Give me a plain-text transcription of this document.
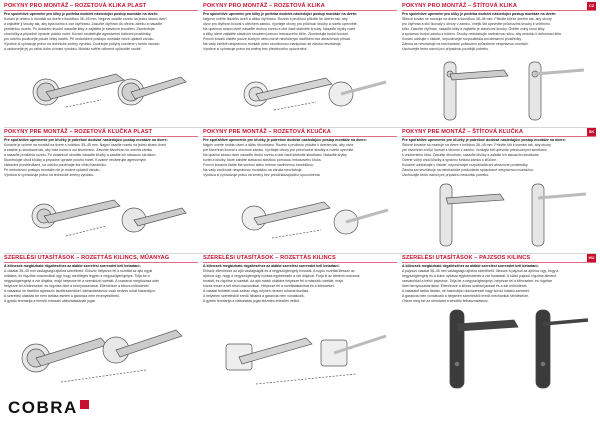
POKYNY PRO MONTÁŽ – ROZETOVÁ KLIKA PLAST
Pro spolehlivé upevnění pro kliky je potřeba dodržet následující postup montáže na dveře:
Kování je určeno k montáži na dveře s tloušťkou 35–45 mm. Nejprve osaďte rozetu na jednu stranu dveří
a zajistěte ji šrouby tak, aby byla kolmo k ose čtyřhranu. Zasuňte čtyřhran do ořechu zámku a nasaďte
protilehlou rozetu. Po dotažení šroubů nasaďte kliky a zajistěte je stavěcím šroubem. Zkontrolujte
chod kliky a případně upravte polohu rozet. Kování neošetřujte agresivními čisticími prostředky,
pro údržbu používejte pouze vlhký hadřík. Při nedodržení postupu montáže nelze uplatnit záruku.
Výrobce si vyhrazuje právo na technické změny výrobku. Dodržujte pokyny uvedené v tomto návodu
a uschovejte jej po celou dobu užívání výrobku. Montáž svěřte odborně způsobilé osobě.
POKYNY PRO MONTÁŽ – ROZETOVÁ KLIKA
Pro spolehlivé upevnění pro kliky je potřeba dodržet následující postup montáže na dveře:
Nejprve ověřte tloušťku dveří a délku čtyřhranu. Rozetu s pružinou přiložte ke dveřím tak, aby
otvor pro čtyřhran lícoval s ořechem zámku. Vyvrtejte otvory pro průchozí šrouby a rozetu upevněte.
Na opačnou stranu dveří nasaďte druhou rozetu a obě části stáhněte šrouby. Nasaďte krytky rozet
a kliky, které zajistěte stavěcím šroubem pomocí imbusového klíče. Zkontrolujte funkci kování.
Povrch kování čistěte pouze suchým nebo mírně navlhčeným hadříkem bez abrazivních přísad.
Na vady vzniklé nesprávnou montáží nebo neodbornou manipulací se záruka nevztahuje.
Výrobce si vyhrazuje právo na změny bez předchozího upozornění.
POKYNY PRO MONTÁŽ – ŠTÍTOVÁ KLIKA	CZ
Pro spolehlivé upevnění pro kliky je potřeba dodržet následující postup montáže na dveře:
Štítové kování se montuje na dveře s tloušťkou 38–45 mm. Přiložte štít ke dveřím tak, aby otvory
pro čtyřhran a klíč lícovaly s otvory v zámku. Vnější štít upevněte průchozími šrouby k vnitřnímu
štítu. Zasuňte čtyřhran, nasaďte kliky a zajistěte je stavěcími šrouby. Ověřte volný chod kliky
a správnou funkci zámku s klíčem. Šrouby nedotahujte nadměrnou silou, aby nedošlo k deformaci štítu.
Kování udržujte v čistotě, nepoužívejte rozpouštědla ani abrazivní prostředky.
Záruka se nevztahuje na mechanické poškození způsobené nesprávnou montáží.
Uschovejte tento návod pro případnou pozdější potřebu.
POKYNY PRE MONTÁŽ – ROZETOVÁ KĽUČKA PLAST
Pre spoľahlivé upevnenie pre kľučky je potrebné dodržať nasledujúci postup montáže na dvere:
Kovanie je určené na montáž na dvere s hrúbkou 35–45 mm. Najprv osaďte rozetu na jednu stranu dverí
a zaistite ju skrutkami tak, aby bola kolmo k osi štvorhranu. Zasuňte štvorhran do orecha zámku
a nasaďte protiľahlú rozetu. Po dotiahnutí skrutiek nasaďte kľučky a zaistite ich stavacou skrutkou.
Skontrolujte chod kľučky a prípadne upravte polohu roziet. Kovanie neošetrujte agresívnymi
čistiacimi prostriedkami, na údržbu používajte iba vlhkú handričku.
Pri nedodržaní postupu montáže nie je možné uplatniť záruku.
Výrobca si vyhradzuje právo na technické zmeny výrobku.
POKYNY PRE MONTÁŽ – ROZETOVÁ KĽUČKA
Pre spoľahlivé upevnenie pre kľučky je potrebné dodržať nasledujúci postup montáže na dvere:
Najprv overte hrúbku dverí a dĺžku štvorhranu. Rozetu s pružinou priložte k dverám tak, aby otvor
pre štvorhran lícoval s orechom zámku. Vyvŕtajte otvory pre priechodné skrutky a rozetu upevnite.
Na opačnú stranu dverí nasaďte druhú rozetu a obe časti stiahnite skrutkami. Nasaďte krytky
roziet a kľučky, ktoré zaistite stavacou skrutkou pomocou imbusového kľúča.
Povrch kovania čistite iba suchou alebo mierne navlhčenou handričkou.
Na vady vzniknuté nesprávnou montážou sa záruka nevzťahuje.
Výrobca si vyhradzuje právo na zmeny bez predchádzajúceho upozornenia.
POKYNY PRE MONTÁŽ – ŠTÍTOVÁ KĽUČKA	SK
Pre spoľahlivé upevnenie pre kľučky je potrebné dodržať nasledujúci postup montáže na dvere:
Štítové kovanie sa montuje na dvere s hrúbkou 38–45 mm. Priložte štít k dverám tak, aby otvory
pre štvorhran a kľúč lícovali s otvormi v zámku. Vonkajší štít upevnite priechodnými skrutkami
k vnútornému štítu. Zasuňte štvorhran, nasaďte kľučky a zaistite ich stavacími skrutkami.
Overte voľný chod kľučky a správnu funkciu zámku s kľúčom.
Kovanie udržiavajte v čistote, nepoužívajte rozpúšťadlá ani abrazívne prostriedky.
Záruka sa nevzťahuje na mechanické poškodenie spôsobené nesprávnou montážou.
Uschovajte tento návod pre prípadnú neskoršiu potrebu.
SZERELÉSI UTASÍTÁSOK – ROZETTÁS KILINCS, MŰANYAG
A kilincsek megbízható rögzítéséhez az alábbi szerelési sorrendet kell betartani:
A vasalat 35–45 mm vastagságú ajtókra szerelhető. Először helyezze fel a rozettát az ajtó egyik
oldalára, és rögzítse csavarokkal úgy, hogy merőleges legyen a négyszögtengelyre. Tolja be a
négyszögtengelyt a zár diójába, majd helyezze fel a szemközti rozettát. A csavarok meghúzása után
helyezze fel a kilincseket, és rögzítse őket a hernyócsavarral. Ellenőrizze a kilincs működését.
A vasalatot ne tisztítsa agresszív tisztítószerekkel, karbantartáshoz csak nedves ruhát használjon.
A szerelési utasítás be nem tartása esetén a garancia nem érvényesíthető.
A gyártó fenntartja a termék műszaki változtatásának jogát.
SZERELÉSI UTASÍTÁSOK – ROZETTÁS KILINCS
A kilincsek megbízható rögzítéséhez az alábbi szerelési sorrendet kell betartani:
Először ellenőrizze az ajtó vastagságát és a négyszögtengely hosszát. A rugós rozettát illessze az
ajtóhoz úgy, hogy a négyszögtengely nyílása egybeessen a zár diójával. Fúrja ki az átmenő csavarok
furatait, és rögzítse a rozettát. Az ajtó másik oldalára helyezze fel a második rozettát, majd
húzza össze a két részt csavarokkal. Helyezze fel a rozettatakarókat és a kilincseket.
A vasalat felületét csak száraz vagy enyhén nedves ruhával tisztítsa.
A helytelen szerelésből eredő hibákra a garancia nem vonatkozik.
A gyártó fenntartja a változtatás jogát előzetes értesítés nélkül.
SZERELÉSI UTASÍTÁSOK – PAJZSOS KILINCS	HU
A kilincsek megbízható rögzítéséhez az alábbi szerelési sorrendet kell betartani:
A pajzsos vasalat 38–45 mm vastagságú ajtókra szerelhető. Illessze a pajzsot az ajtóhoz úgy, hogy a
négyszögtengely és a kulcs nyílásai egybeessenek a zár furataival. A külső pajzsot rögzítse átmenő
csavarokkal a belső pajzshoz. Tolja be a négyszögtengelyt, helyezze fel a kilincseket, és rögzítse
őket hernyócsavarokkal. Ellenőrizze a kilincs szabad járását és a zár működését.
A vasalatot tartsa tisztán, ne használjon oldószereket vagy súroló hatású szereket.
A garancia nem vonatkozik a helytelen szerelésből eredő mechanikai sérülésekre.
Őrizze meg ezt az útmutatót a későbbi felhasználáshoz.
COBRA
